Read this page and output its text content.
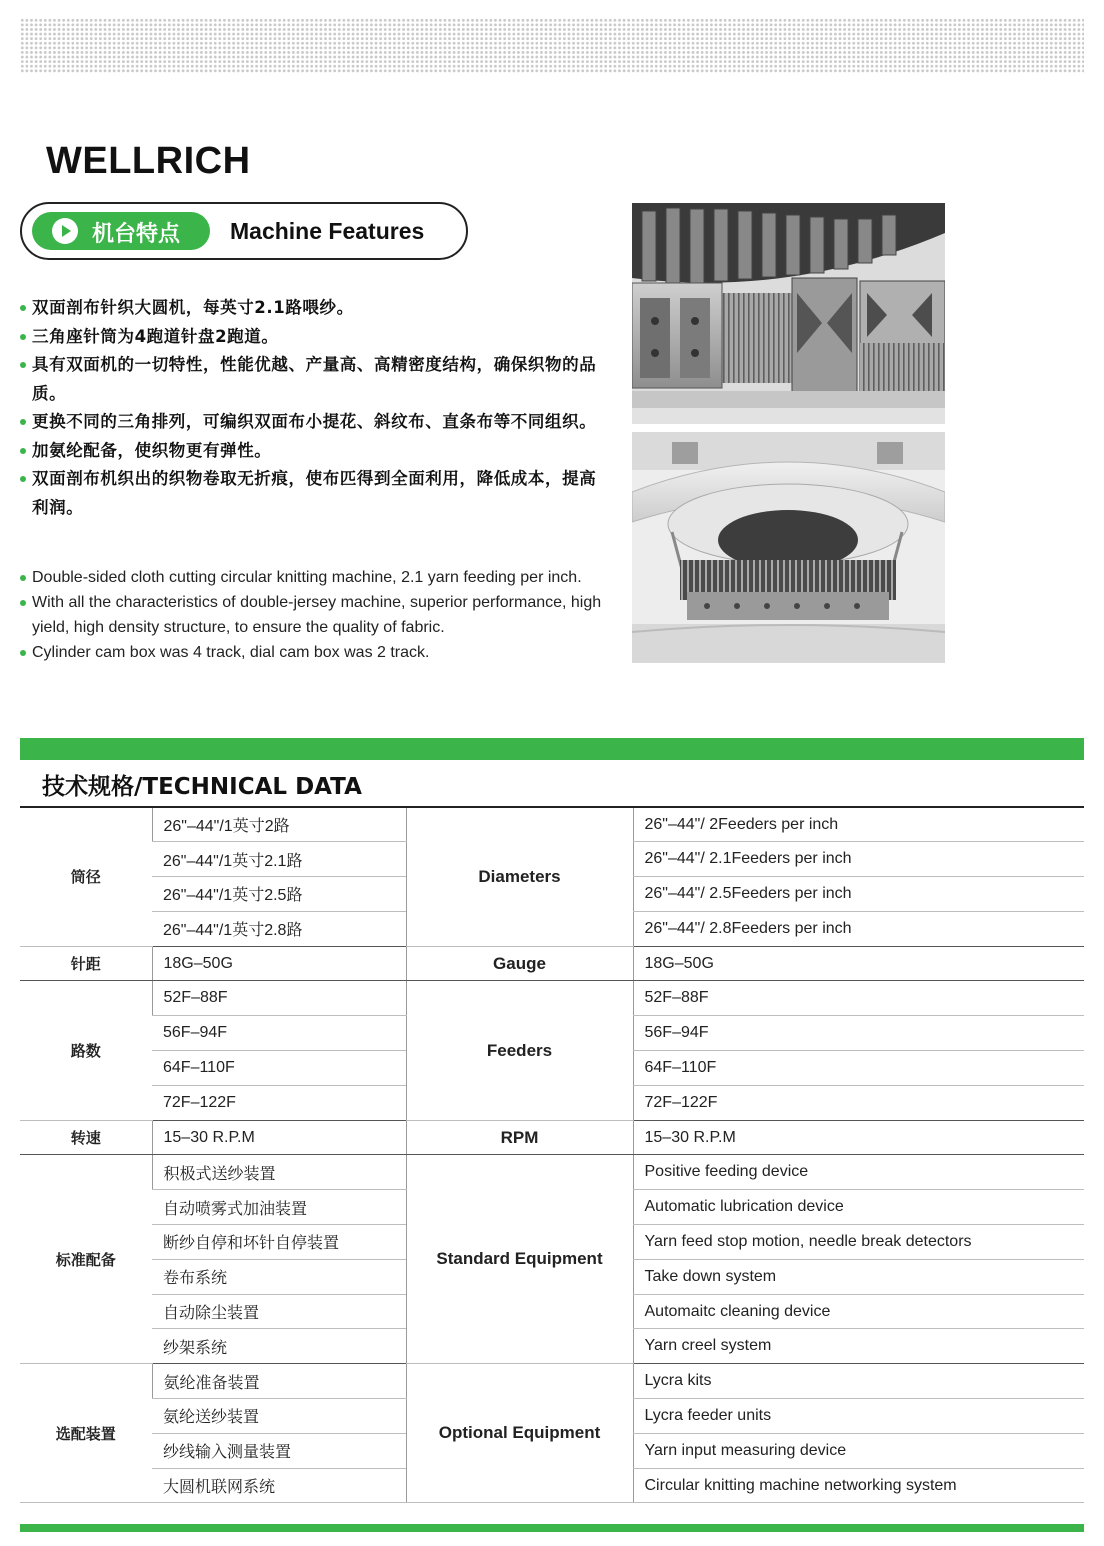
WELLRICH
机台特点 Machine Features
双面剖布针织大圆机，每英寸2.1路喂纱。
三角座针筒为4跑道针盘2跑道。
具有双面机的一切特性，性能优越、产量高、高精密度结构，确保织物的品质。
更换不同的三角排列，可编织双面布小提花、斜纹布、直条布等不同组织。
加氨纶配备，使织物更有弹性。
双面剖布机织出的织物卷取无折痕，使布匹得到全面利用，降低成本，提高利润。
Double-sided cloth cutting circular knitting machine, 2.1 yarn feeding per inch.
With all the characteristics of double-jersey machine, superior performance, high yield, high density structure, to ensure the quality of fabric.
Cylinder cam box was 4 track, dial cam box was 2 track.
技术规格/TECHNICAL DATA
筒径	26"–44"/1英寸2路	Diameters	26"–44"/ 2Feeders per inch
	26"–44"/1英寸2.1路		26"–44"/ 2.1Feeders per inch
	26"–44"/1英寸2.5路		26"–44"/ 2.5Feeders per inch
	26"–44"/1英寸2.8路		26"–44"/ 2.8Feeders per inch
针距	18G–50G	Gauge	18G–50G
路数	52F–88F	Feeders	52F–88F
	56F–94F		56F–94F
	64F–110F		64F–110F
	72F–122F		72F–122F
转速	15–30 R.P.M	RPM	15–30 R.P.M
标准配备	积极式送纱装置	Standard Equipment	Positive feeding device
	自动喷雾式加油装置		Automatic lubrication device
	断纱自停和坏针自停装置		Yarn feed stop motion, needle break detectors
	卷布系统		Take down system
	自动除尘装置		Automaitc cleaning device
	纱架系统		Yarn creel system
选配装置	氨纶准备装置	Optional Equipment	Lycra kits
	氨纶送纱装置		Lycra feeder units
	纱线输入测量装置		Yarn input measuring device
	大圆机联网系统		Circular knitting machine networking system
